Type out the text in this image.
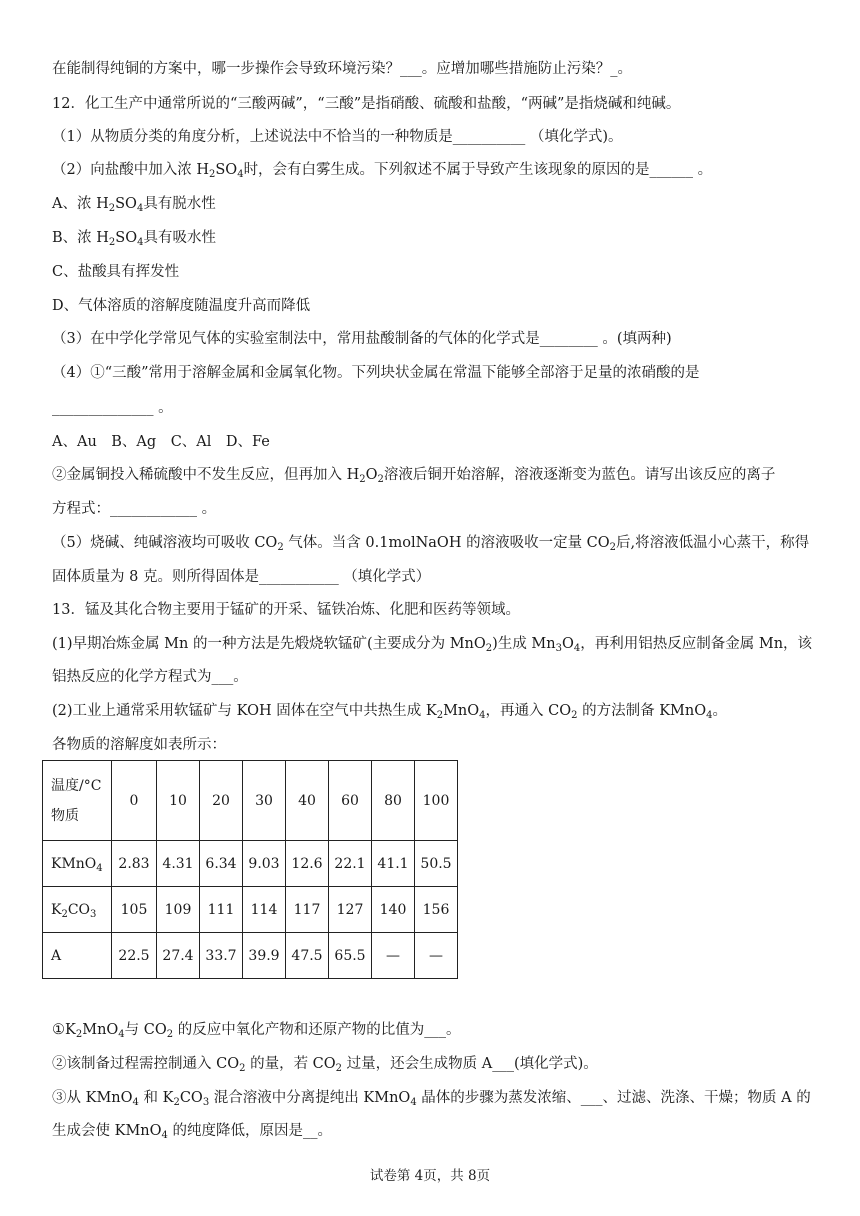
在能制得纯铜的方案中，哪一步操作会导致环境污染？___。应增加哪些措施防止污染？_。
12．化工生产中通常所说的“三酸两碱”，“三酸”是指硝酸、硫酸和盐酸，“两碱”是指烧碱和纯碱。
（1）从物质分类的角度分析，上述说法中不恰当的一种物质是__________ （填化学式)。
（2）向盐酸中加入浓 $H_2SO_4$时，会有白雾生成。下列叙述不属于导致产生该现象的原因的是______ 。
A、浓 $H_2SO_4$具有脱水性
B、浓 $H_2SO_4$具有吸水性
C、盐酸具有挥发性
D、气体溶质的溶解度随温度升高而降低
（3）在中学化学常见气体的实验室制法中，常用盐酸制备的气体的化学式是________ 。(填两种)
（4）①“三酸”常用于溶解金属和金属氧化物。下列块状金属在常温下能够全部溶于足量的浓硝酸的是
______________ 。
A、Au　B、Ag　C、Al　D、Fe
②金属铜投入稀硫酸中不发生反应，但再加入 $H_2O_2$溶液后铜开始溶解，溶液逐渐变为蓝色。请写出该反应的离子
方程式：____________ 。
（5）烧碱、纯碱溶液均可吸收 $CO_2$ 气体。当含 0.1molNaOH 的溶液吸收一定量 $CO_2$后,将溶液低温小心蒸干，称得
固体质量为 8 克。则所得固体是___________ （填化学式）
13．锰及其化合物主要用于锰矿的开采、锰铁冶炼、化肥和医药等领域。
(1)早期冶炼金属 Mn 的一种方法是先煅烧软锰矿(主要成分为 MnO$_2$)生成 $Mn_3O_4$，再利用铝热反应制备金属 Mn，该
铝热反应的化学方程式为___。
(2)工业上通常采用软锰矿与 KOH 固体在空气中共热生成 $K_2MnO_4$，再通入 $CO_2$ 的方法制备 KMnO$_4$。
各物质的溶解度如表所示：
温度/°C
物质	0	10	20	30	40	60	80	100
KMnO$_4$	2.83	4.31	6.34	9.03	12.6	22.1	41.1	50.5
$K_2CO_3$	105	109	111	114	117	127	140	156
A	22.5	27.4	33.7	39.9	47.5	65.5	—	—
$①K_2MnO_4$与 $CO_2$ 的反应中氧化产物和还原产物的比值为___。
②该制备过程需控制通入 $CO_2$ 的量，若 $CO_2$ 过量，还会生成物质 A___(填化学式)。
③从 KMnO$_4$ 和 $K_2CO_3$ 混合溶液中分离提纯出 KMnO$_4$ 晶体的步骤为蒸发浓缩、___、过滤、洗涤、干燥；物质 A 的
生成会使 KMnO$_4$ 的纯度降低，原因是__。
试卷第 4页，共 8页
